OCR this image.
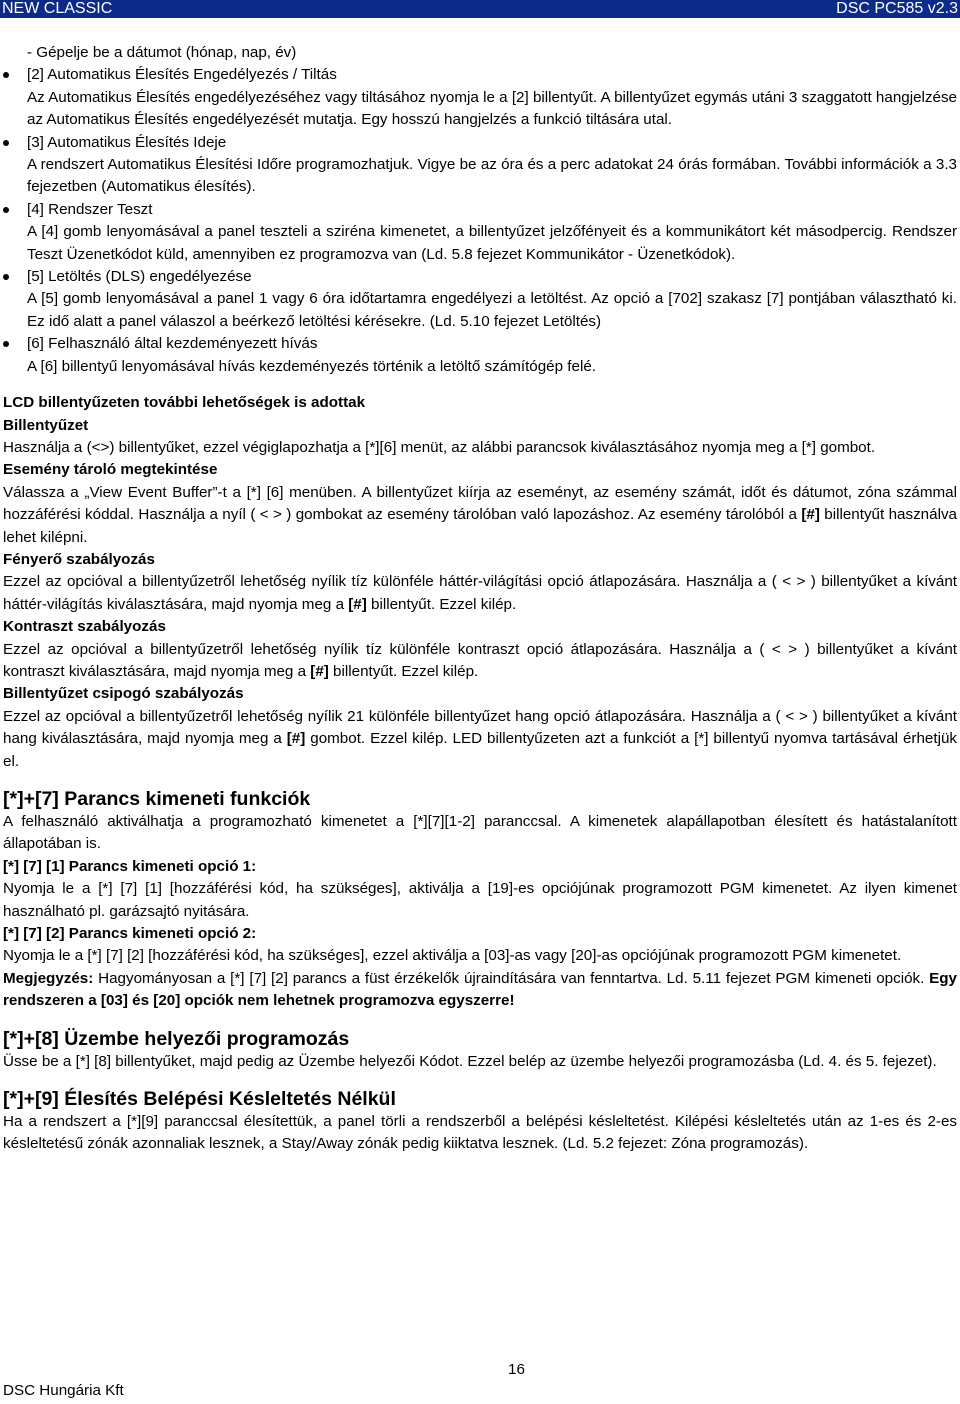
NEW CLASSIC	DSC PC585 v2.3
- Gépelje be a dátumot (hónap, nap, év)
[2] Automatikus Élesítés Engedélyezés / Tiltás
Az Automatikus Élesítés engedélyezéséhez vagy tiltásához nyomja le a [2] billentyűt. A billentyűzet egymás utáni 3 szaggatott hangjelzése az Automatikus Élesítés engedélyezését mutatja. Egy hosszú hangjelzés a funkció tiltására utal.
[3] Automatikus Élesítés Ideje
A rendszert Automatikus Élesítési Időre programozhatjuk. Vigye be az óra és a perc adatokat 24 órás formában. További információk a 3.3 fejezetben (Automatikus élesítés).
[4] Rendszer Teszt
A [4] gomb lenyomásával a panel teszteli a sziréna kimenetet, a billentyűzet jelzőfényeit és a kommunikátort két másodpercig. Rendszer Teszt Üzenetkódot küld, amennyiben ez programozva van (Ld. 5.8 fejezet Kommunikátor - Üzenetkódok).
[5] Letöltés (DLS) engedélyezése
A [5] gomb lenyomásával a panel 1 vagy 6 óra időtartamra engedélyezi a letöltést. Az opció a [702] szakasz [7] pontjában választható ki. Ez idő alatt a panel válaszol a beérkező letöltési kérésekre. (Ld. 5.10 fejezet Letöltés)
[6] Felhasználó által kezdeményezett hívás
A [6] billentyű lenyomásával hívás kezdeményezés történik a letöltő számítógép felé.
LCD billentyűzeten további lehetőségek is adottak
Billentyűzet
Használja a (<>) billentyűket, ezzel végiglapozhatja a [*][6] menüt, az alábbi parancsok kiválasztásához nyomja meg a [*] gombot.
Esemény tároló megtekintése
Válassza a „View Event Buffer”-t a [*] [6] menüben. A billentyűzet kiírja az eseményt, az esemény számát, időt és dátumot, zóna számmal hozzáférési kóddal. Használja a nyíl ( < > ) gombokat az esemény tárolóban való lapozáshoz. Az esemény tárolóból a [#] billentyűt használva lehet kilépni.
Fényerő szabályozás
Ezzel az opcióval a billentyűzetről lehetőség nyílik tíz különféle háttér-világítási opció átlapozására. Használja a ( < > ) billentyűket a kívánt háttér-világítás kiválasztására, majd nyomja meg a [#] billentyűt. Ezzel kilép.
Kontraszt szabályozás
Ezzel az opcióval a billentyűzetről lehetőség nyílik tíz különféle kontraszt opció átlapozására. Használja a ( < > ) billentyűket a kívánt kontraszt kiválasztására, majd nyomja meg a [#] billentyűt. Ezzel kilép.
Billentyűzet csipogó szabályozás
Ezzel az opcióval a billentyűzetről lehetőség nyílik 21 különféle billentyűzet hang opció átlapozására. Használja a ( < > ) billentyűket a kívánt hang kiválasztására, majd nyomja meg a [#] gombot. Ezzel kilép. LED billentyűzeten azt a funkciót a [*] billentyű nyomva tartásával érhetjük el.
[*]+[7] Parancs kimeneti funkciók
A felhasználó aktiválhatja a programozható kimenetet a [*][7][1-2] paranccsal. A kimenetek alapállapotban élesített és hatástalanított állapotában is.
[*] [7] [1] Parancs kimeneti opció 1:
Nyomja le a [*] [7] [1] [hozzáférési kód, ha szükséges], aktiválja a [19]-es opciójúnak programozott PGM kimenetet. Az ilyen kimenet használható pl. garázsajtó nyitására.
[*] [7] [2] Parancs kimeneti opció 2:
Nyomja le a [*] [7] [2] [hozzáférési kód, ha szükséges], ezzel aktiválja a [03]-as vagy [20]-as opciójúnak programozott PGM kimenetet.
Megjegyzés: Hagyományosan a [*] [7] [2] parancs a füst érzékelők újraindítására van fenntartva. Ld. 5.11 fejezet PGM kimeneti opciók. Egy rendszeren a [03] és [20] opciók nem lehetnek programozva egyszerre!
[*]+[8] Üzembe helyezői programozás
Üsse be a [*] [8] billentyűket, majd pedig az Üzembe helyezői Kódot. Ezzel belép az üzembe helyezői programozásba (Ld. 4. és 5. fejezet).
[*]+[9] Élesítés Belépési Késleltetés Nélkül
Ha a rendszert a [*][9] paranccsal élesítettük, a panel törli a rendszerből a belépési késleltetést. Kilépési késleltetés után az 1-es és 2-es késleltetésű zónák azonnaliak lesznek, a Stay/Away zónák pedig kiiktatva lesznek. (Ld. 5.2 fejezet: Zóna programozás).
16
DSC Hungária Kft
